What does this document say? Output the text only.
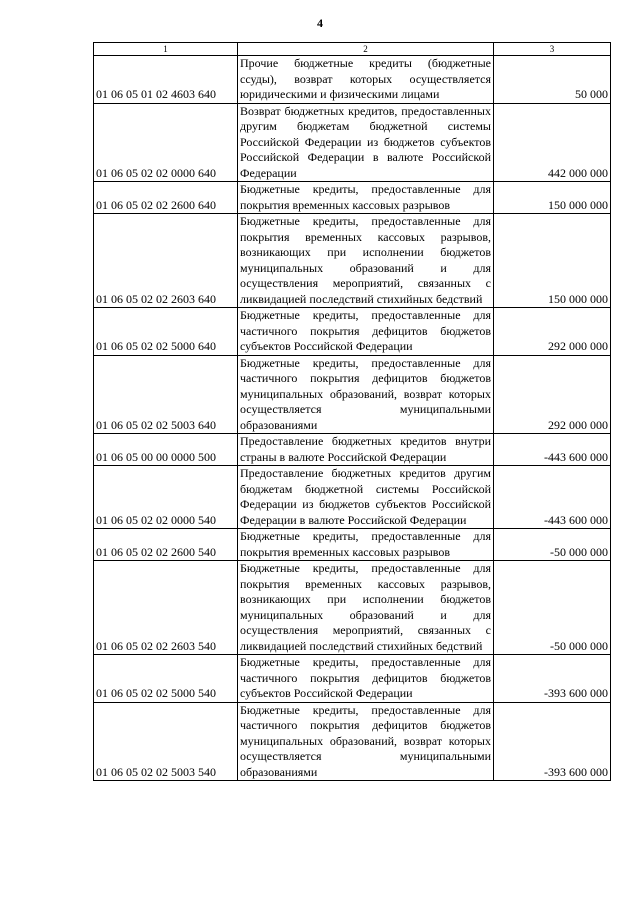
4
1	2	3
01 06 05 01 02 4603 640	Прочие бюджетные кредиты (бюджетные ссуды), возврат которых осуществляется юридическими и физическими лицами	50 000
01 06 05 02 02 0000 640	Возврат бюджетных кредитов, предоставленных другим бюджетам бюджетной системы Российской Федерации из бюджетов субъектов Российской Федерации в валюте Российской Федерации	442 000 000
01 06 05 02 02 2600 640	Бюджетные кредиты, предоставленные для покрытия временных кассовых разрывов	150 000 000
01 06 05 02 02 2603 640	Бюджетные кредиты, предоставленные для покрытия временных кассовых разрывов, возникающих при исполнении бюджетов муниципальных образований и для осуществления мероприятий, связанных с ликвидацией последствий стихийных бедствий	150 000 000
01 06 05 02 02 5000 640	Бюджетные кредиты, предоставленные для частичного покрытия дефицитов бюджетов субъектов Российской Федерации	292 000 000
01 06 05 02 02 5003 640	Бюджетные кредиты, предоставленные для частичного покрытия дефицитов бюджетов муниципальных образований, возврат которых осуществляется муниципальными образованиями	292 000 000
01 06 05 00 00 0000 500	Предоставление бюджетных кредитов внутри страны в валюте Российской Федерации	-443 600 000
01 06 05 02 02 0000 540	Предоставление бюджетных кредитов другим бюджетам бюджетной системы Российской Федерации из бюджетов субъектов Российской Федерации в валюте Российской Федерации	-443 600 000
01 06 05 02 02 2600 540	Бюджетные кредиты, предоставленные для покрытия временных кассовых разрывов	-50 000 000
01 06 05 02 02 2603 540	Бюджетные кредиты, предоставленные для покрытия временных кассовых разрывов, возникающих при исполнении бюджетов муниципальных образований и для осуществления мероприятий, связанных с ликвидацией последствий стихийных бедствий	-50 000 000
01 06 05 02 02 5000 540	Бюджетные кредиты, предоставленные для частичного покрытия дефицитов бюджетов субъектов Российской Федерации	-393 600 000
01 06 05 02 02 5003 540	Бюджетные кредиты, предоставленные для частичного покрытия дефицитов бюджетов муниципальных образований, возврат которых осуществляется муниципальными образованиями	-393 600 000
